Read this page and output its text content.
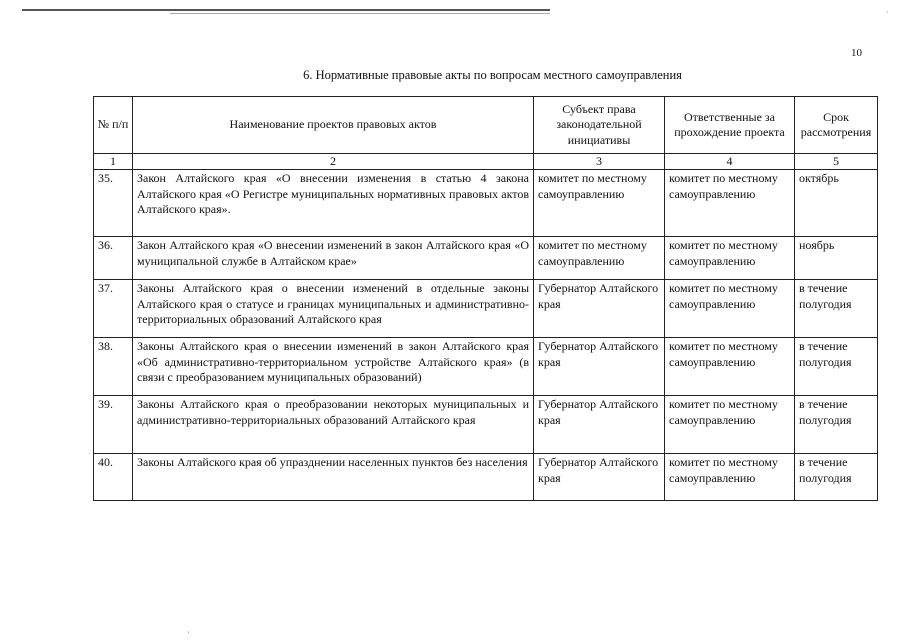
·
10
6. Нормативные правовые акты по вопросам местного самоуправления
№ п/п	Наименование проектов правовых актов	Субъект права законодательной инициативы	Ответственные за прохождение проекта	Срок рассмотрения
1	2	3	4	5
35.	Закон Алтайского края «О внесении изменения в статью 4 закона Алтайского края «О Регистре муниципальных нормативных правовых актов Алтайского края».	комитет по местному самоуправлению	комитет по местному самоуправлению	октябрь
36.	Закон Алтайского края «О внесении изменений в закон Алтайского края «О муниципальной службе в Алтайском крае»	комитет по местному самоуправлению	комитет по местному самоуправлению	ноябрь
37.	Законы Алтайского края о внесении изменений в отдельные законы Алтайского края о статусе и границах муниципальных и административно-территориальных образований Алтайского края	Губернатор Алтайского края	комитет по местному самоуправлению	в течение полугодия
38.	Законы Алтайского края о внесении изменений в закон Алтайского края «Об административно-территориальном устройстве Алтайского края» (в связи с преобразованием муниципальных образований)	Губернатор Алтайского края	комитет по местному самоуправлению	в течение полугодия
39.	Законы Алтайского края о преобразовании некоторых муниципальных и административно-территориальных образований Алтайского края	Губернатор Алтайского края	комитет по местному самоуправлению	в течение полугодия
40.	Законы Алтайского края об упразднении населенных пунктов без населения	Губернатор Алтайского края	комитет по местному самоуправлению	в течение полугодия
'
